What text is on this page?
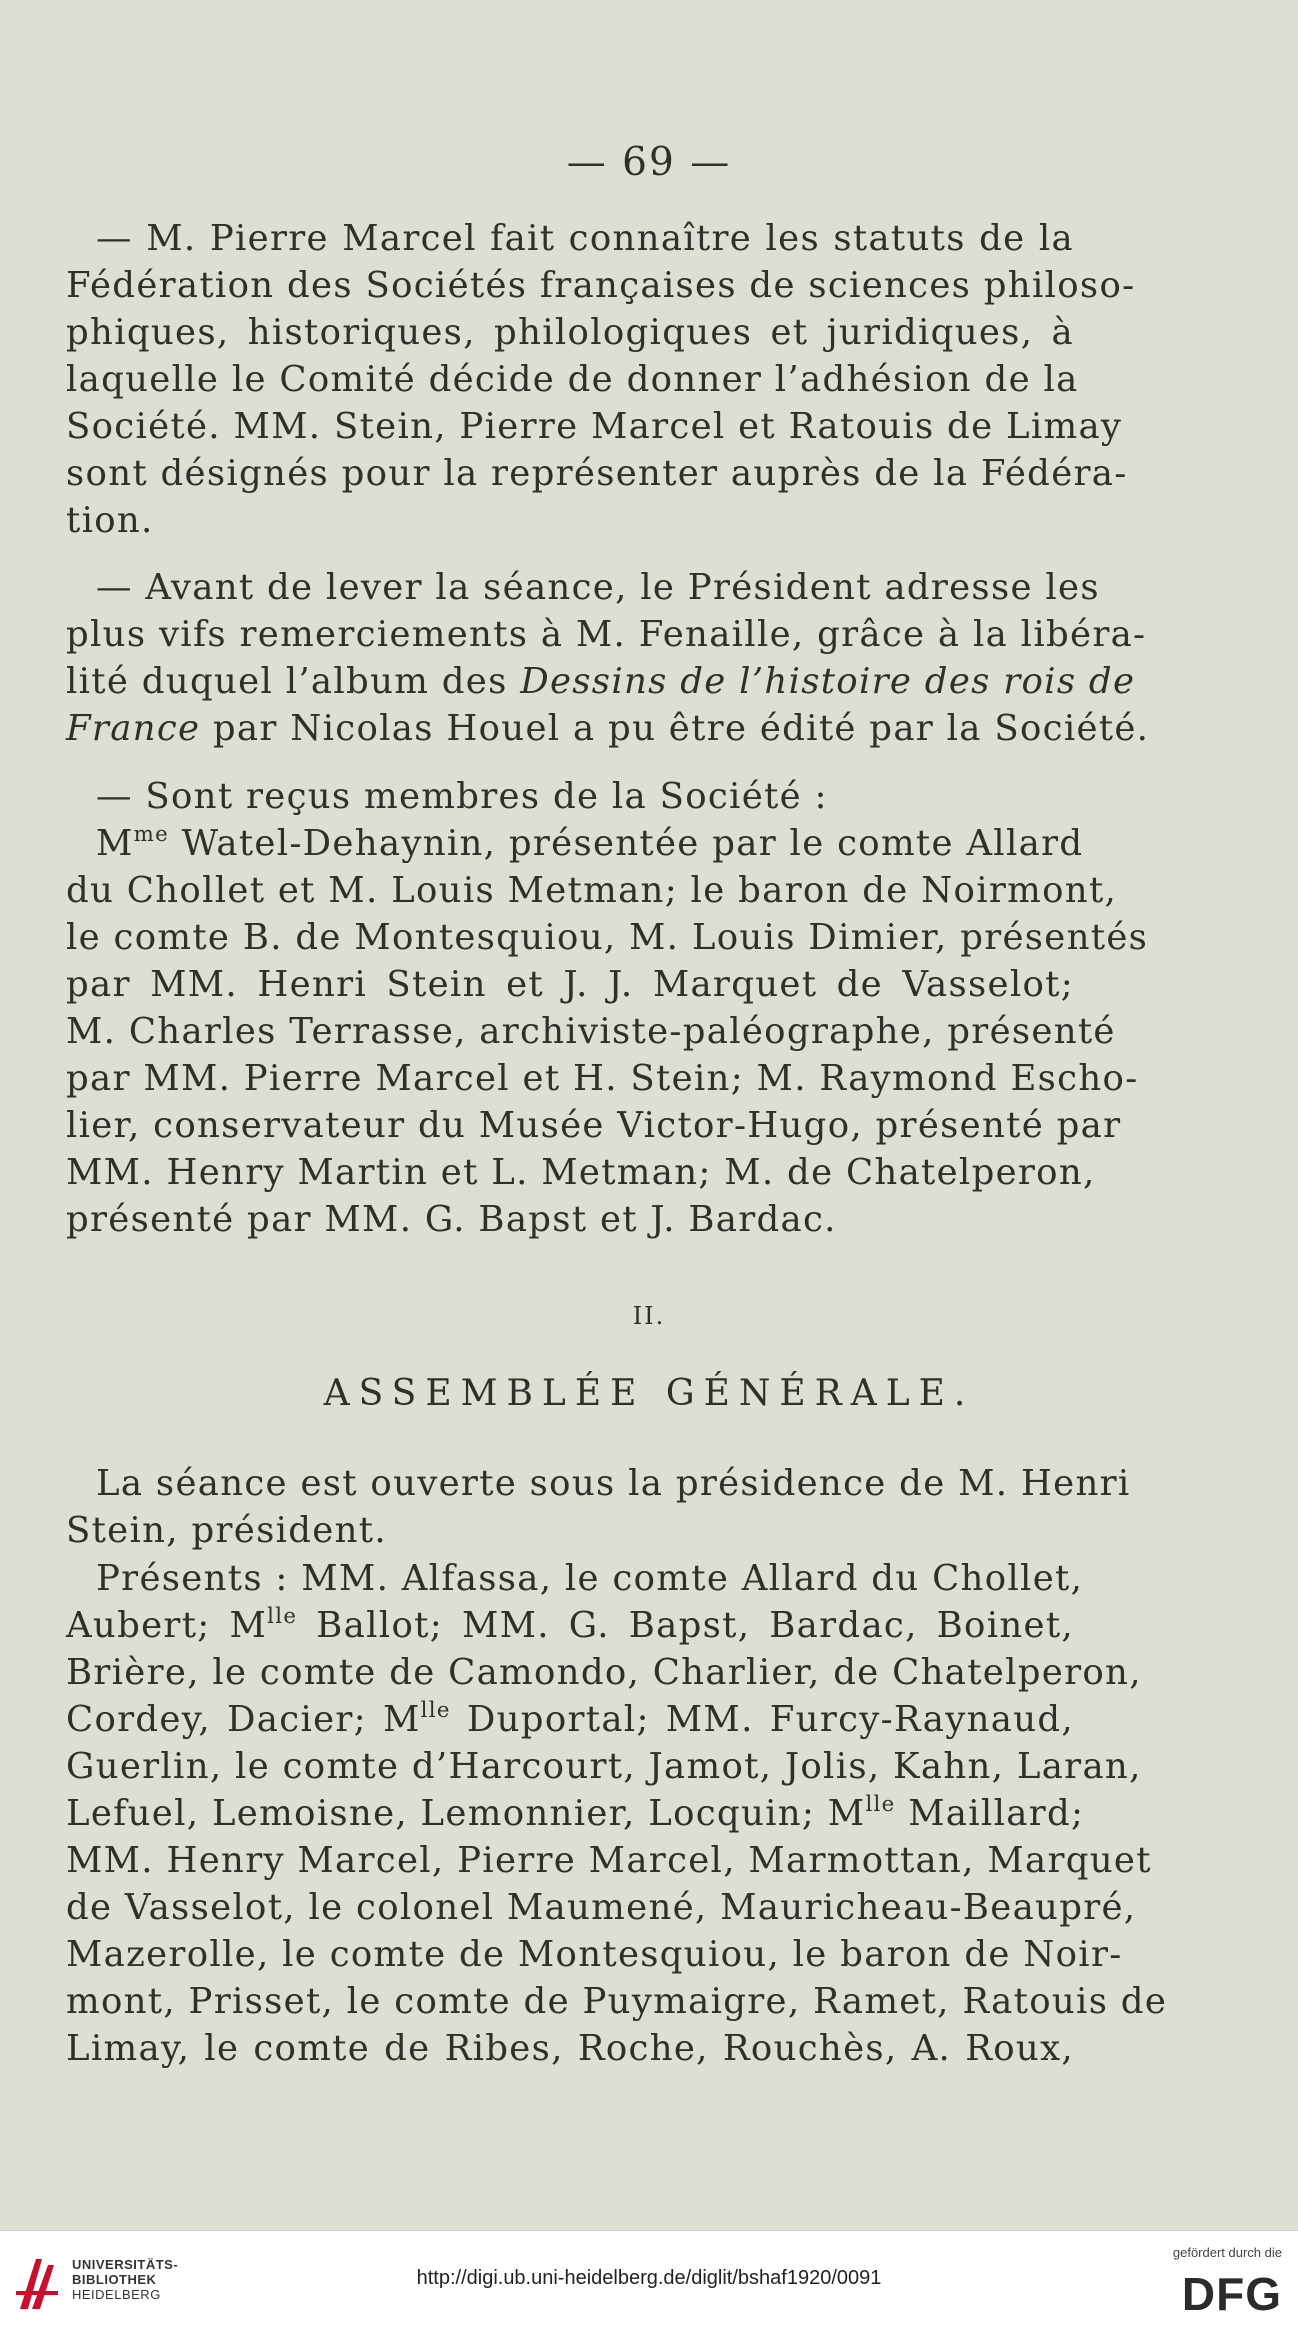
— 69 —
— M. Pierre Marcel fait connaître les statuts de la
Fédération des Sociétés françaises de sciences philoso-
phiques, historiques, philologiques et juridiques, à
laquelle le Comité décide de donner l’adhésion de la
Société. MM. Stein, Pierre Marcel et Ratouis de Limay
sont désignés pour la représenter auprès de la Fédéra-
tion.
— Avant de lever la séance, le Président adresse les
plus vifs remerciements à M. Fenaille, grâce à la libéra-
lité duquel l’album des Dessins de l’histoire des rois de
France par Nicolas Houel a pu être édité par la Société.
— Sont reçus membres de la Société :
$M^{me}$ Watel-Dehaynin, présentée par le comte Allard
du Chollet et M. Louis Metman; le baron de Noirmont,
le comte B. de Montesquiou, M. Louis Dimier, présentés
par MM. Henri Stein et J. J. Marquet de Vasselot;
M. Charles Terrasse, archiviste-paléographe, présenté
par MM. Pierre Marcel et H. Stein; M. Raymond Escho-
lier, conservateur du Musée Victor-Hugo, présenté par
MM. Henry Martin et L. Metman; M. de Chatelperon,
présenté par MM. G. Bapst et J. Bardac.
II.
ASSEMBLÉE GÉNÉRALE.
La séance est ouverte sous la présidence de M. Henri
Stein, président.
Présents : MM. Alfassa, le comte Allard du Chollet,
Aubert; $M^{lle}$ Ballot; MM. G. Bapst, Bardac, Boinet,
Brière, le comte de Camondo, Charlier, de Chatelperon,
Cordey, Dacier; $M^{lle}$ Duportal; MM. Furcy-Raynaud,
Guerlin, le comte d’Harcourt, Jamot, Jolis, Kahn, Laran,
Lefuel, Lemoisne, Lemonnier, Locquin; $M^{lle}$ Maillard;
MM. Henry Marcel, Pierre Marcel, Marmottan, Marquet
de Vasselot, le colonel Maumené, Mauricheau-Beaupré,
Mazerolle, le comte de Montesquiou, le baron de Noir-
mont, Prisset, le comte de Puymaigre, Ramet, Ratouis de
Limay, le comte de Ribes, Roche, Rouchès, A. Roux,
UNIVERSITÄTS-
BIBLIOTHEK
HEIDELBERG
http://digi.ub.uni-heidelberg.de/diglit/bshaf1920/0091
gefördert durch die
DFG
